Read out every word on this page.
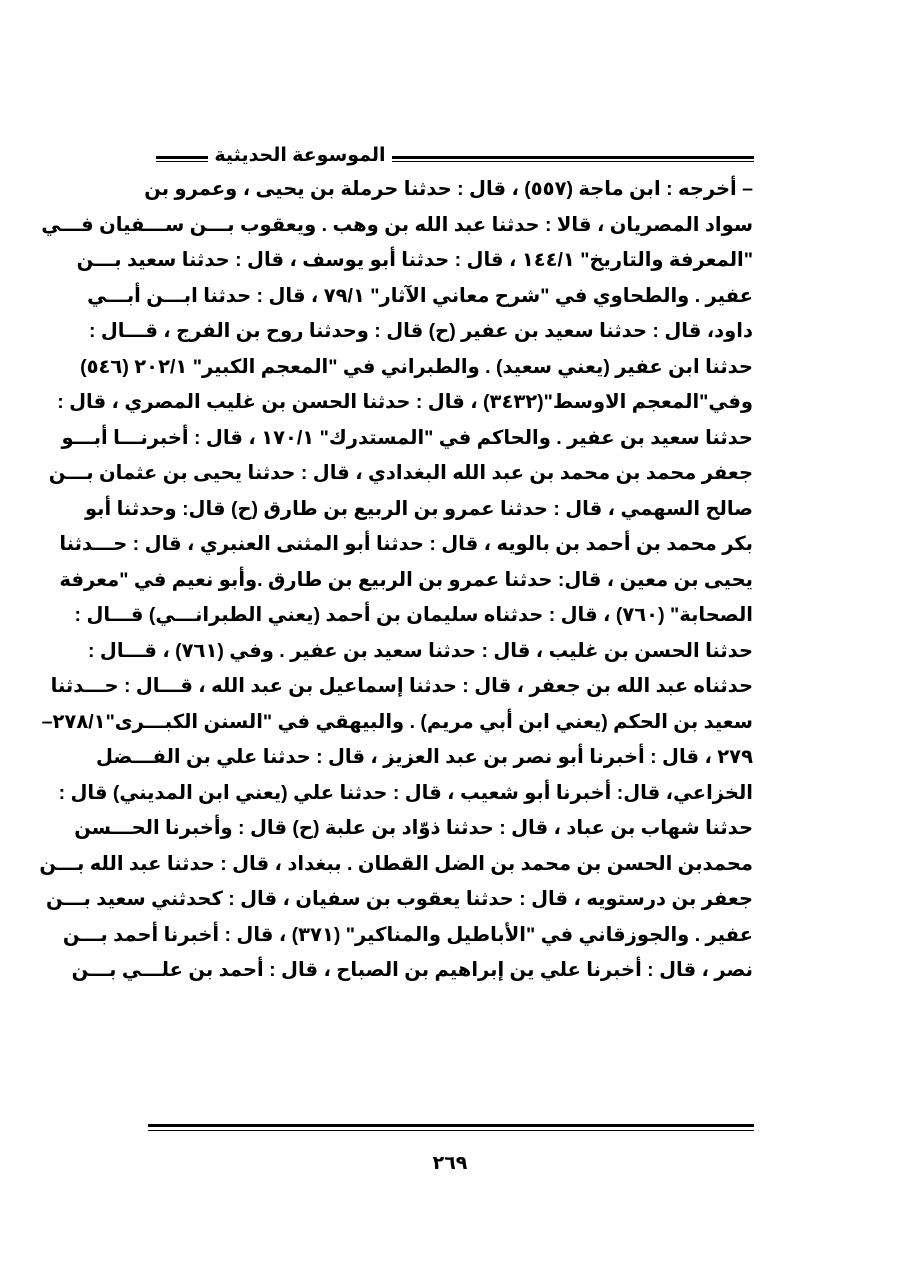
الموسوعة الحديثية
– أخرجه : ابن ماجة (٥٥٧) ، قال : حدثنا حرملة بن يحيى ، وعمرو بن
سواد المصريان ، قالا : حدثنا عبد الله بن وهب . ويعقوب بـــن ســـفيان فـــي
"المعرفة والتاريخ" ١٤٤/١ ، قال : حدثنا أبو يوسف ، قال : حدثنا سعيد بـــن
عفير . والطحاوي في "شرح معاني الآثار" ٧٩/١ ، قال : حدثنا ابـــن أبـــي
داود، قال : حدثنا سعيد بن عفير (ح) قال : وحدثنا روح بن الفرج ، قـــال :
حدثنا ابن عفير (يعني سعيد) . والطبراني في "المعجم الكبير" ٢٠٢/١ (٥٤٦)
وفي"المعجم الاوسط"(٣٤٣٢) ، قال : حدثنا الحسن بن غليب المصري ، قال :
حدثنا سعيد بن عفير . والحاكم في "المستدرك" ١٧٠/١ ، قال : أخبرنـــا أبـــو
جعفر محمد بن محمد بن عبد الله البغدادي ، قال : حدثنا يحيى بن عثمان بـــن
صالح السهمي ، قال : حدثنا عمرو بن الربيع بن طارق (ح) قال: وحدثنا أبو
بكر محمد بن أحمد بن بالويه ، قال : حدثنا أبو المثنى العنبري ، قال : حـــدثنا
يحيى بن معين ، قال: حدثنا عمرو بن الربيع بن طارق .وأبو نعيم في "معرفة
الصحابة" (٧٦٠) ، قال : حدثناه سليمان بن أحمد (يعني الطبرانـــي) قـــال :
حدثنا الحسن بن غليب ، قال : حدثنا سعيد بن عفير . وفي (٧٦١) ، قـــال :
حدثناه عبد الله بن جعفر ، قال : حدثنا إسماعيل بن عبد الله ، قـــال : حـــدثنا
سعيد بن الحكم (يعني ابن أبي مريم) . والبيهقي في "السنن الكبـــرى"٢٧٨/١–
٢٧٩ ، قال : أخبرنا أبو نصر بن عبد العزيز ، قال : حدثنا علي بن الفـــضل
الخزاعي، قال: أخبرنا أبو شعيب ، قال : حدثنا علي (يعني ابن المديني) قال :
حدثنا شهاب بن عباد ، قال : حدثنا ذوّاد بن علبة (ح) قال : وأخبرنا الحـــسن
محمدبن الحسن بن محمد بن الضل القطان . ببغداد ، قال : حدثنا عبد الله بـــن
جعفر بن درستويه ، قال : حدثنا يعقوب بن سفيان ، قال : كحدثني سعيد بـــن
عفير . والجوزقاني في "الأباطيل والمناكير" (٣٧١) ، قال : أخبرنا أحمد بـــن
نصر ، قال : أخبرنا علي ين إبراهيم بن الصباح ، قال : أحمد بن علـــي بـــن
٢٦٩
